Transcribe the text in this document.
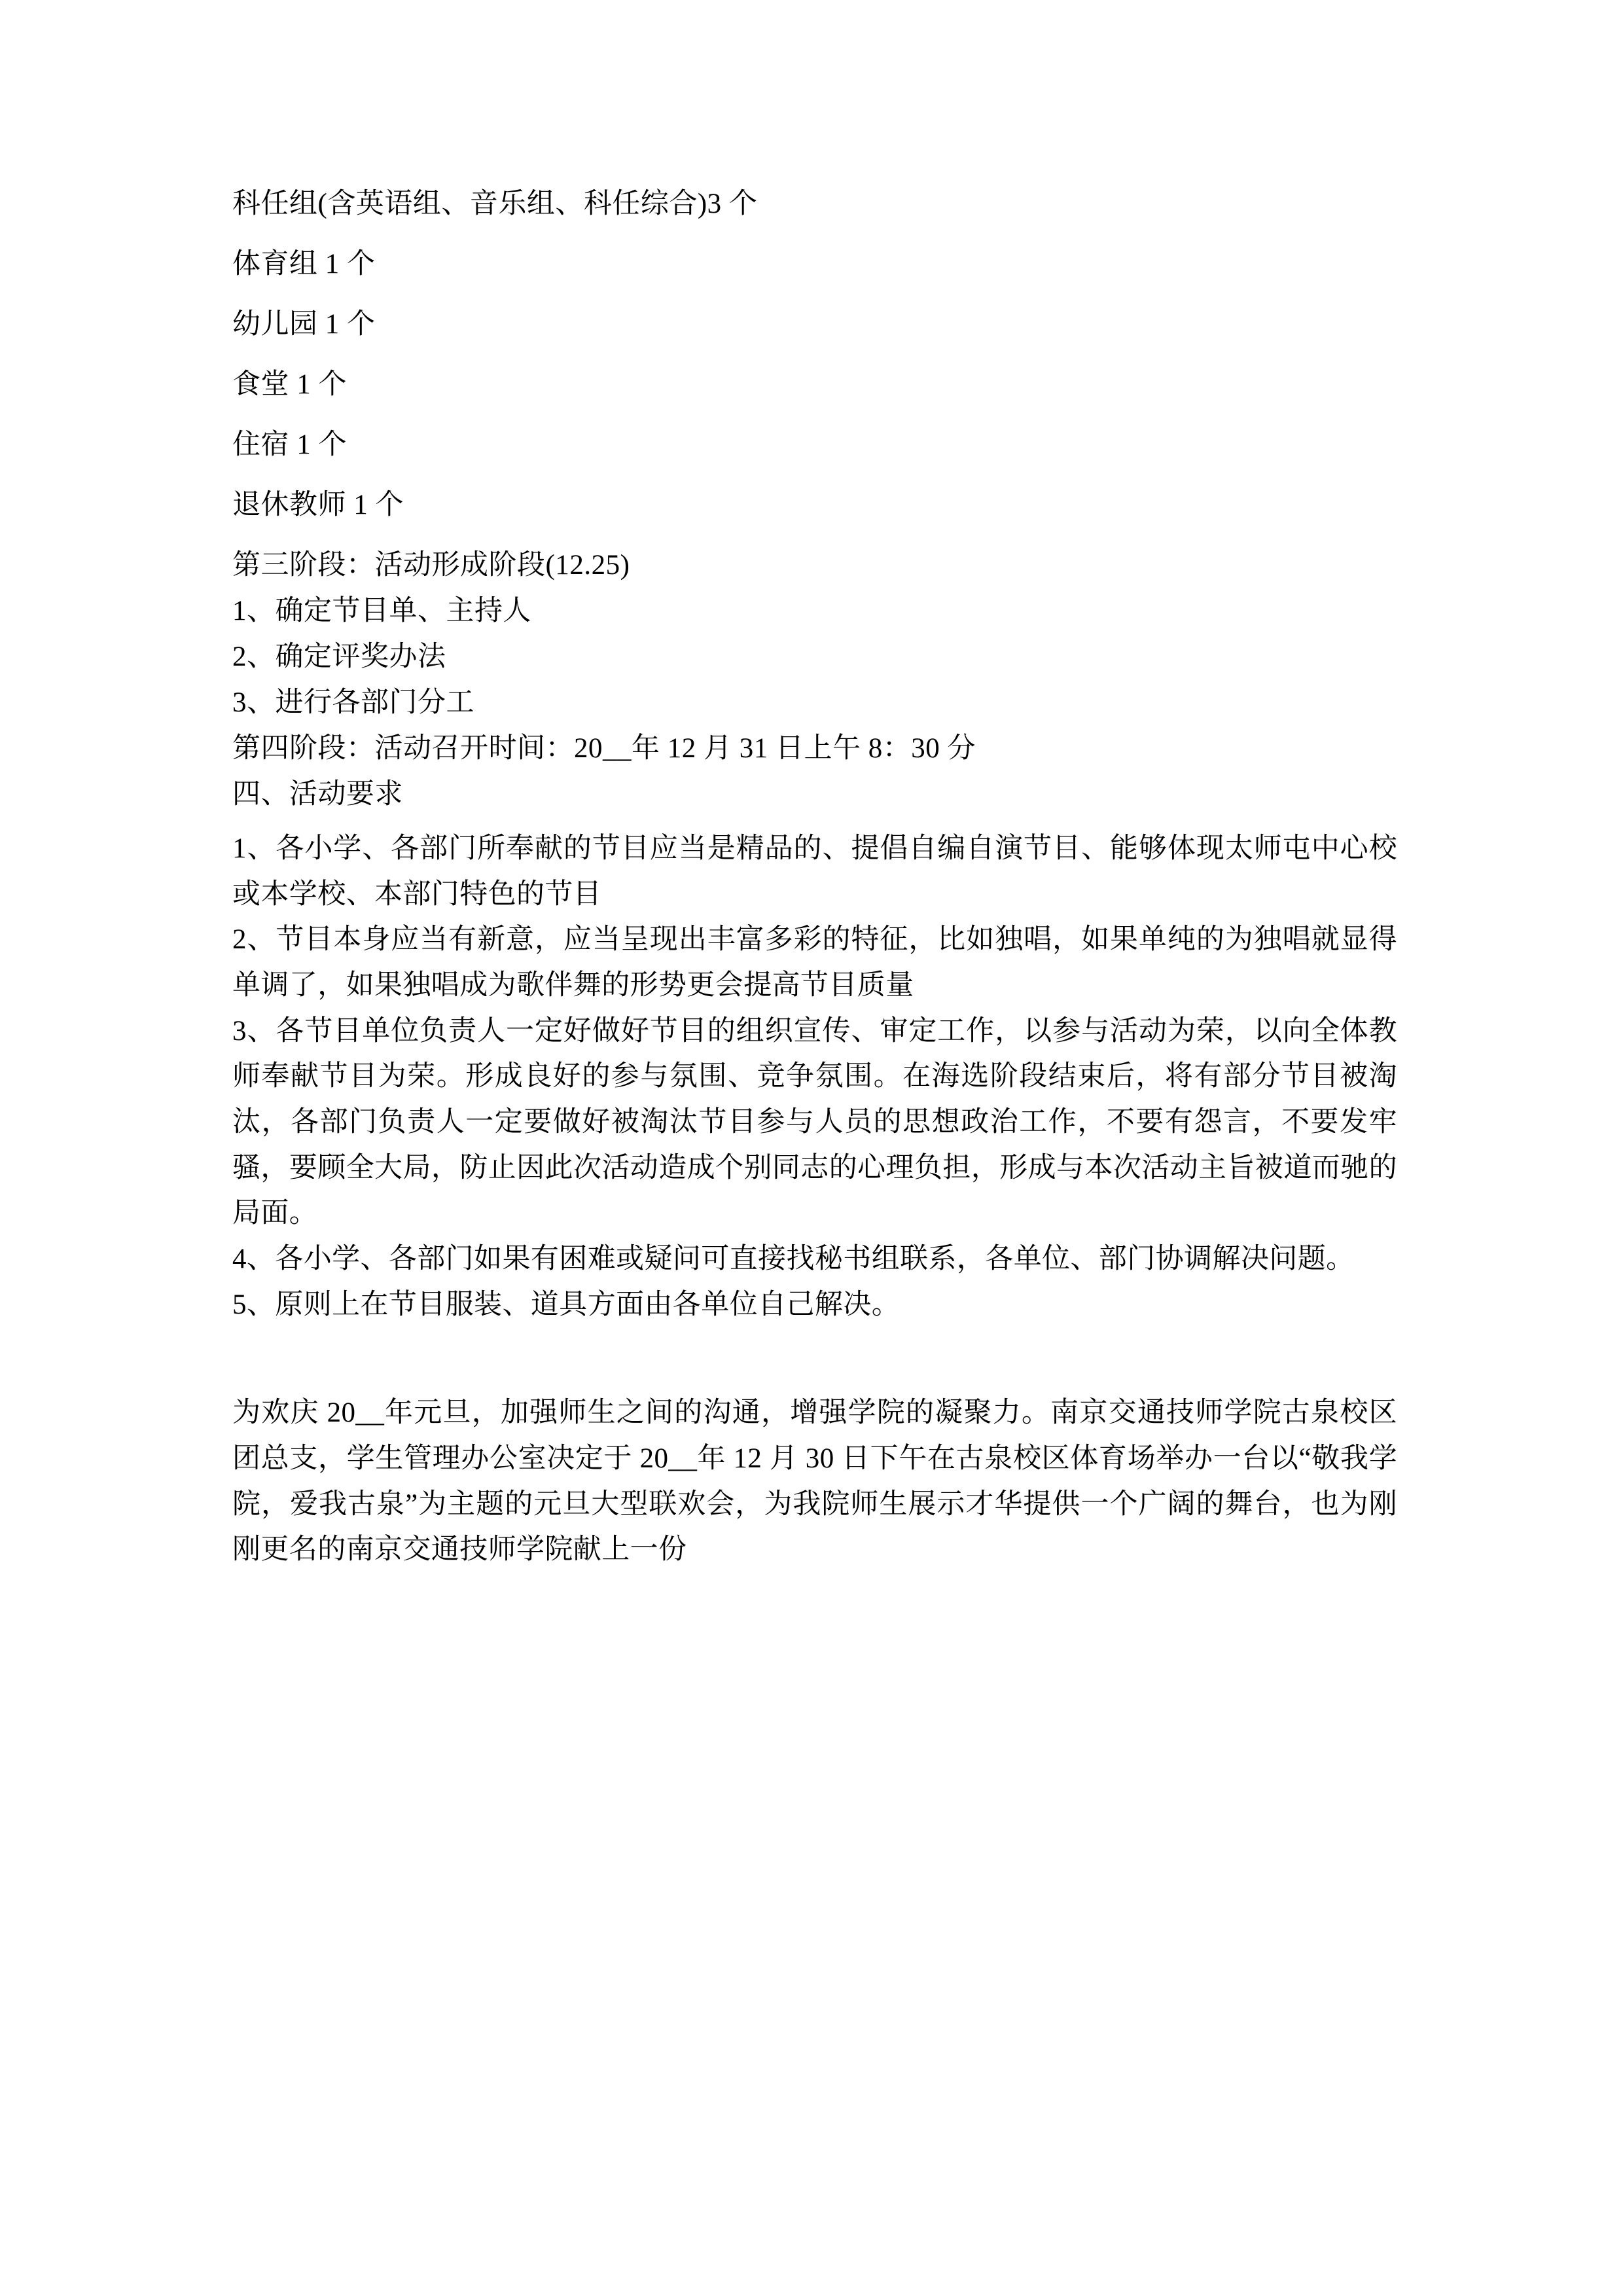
科任组(含英语组、音乐组、科任综合)3 个
体育组 1 个
幼儿园 1 个
食堂 1 个
住宿 1 个
退休教师 1 个
第三阶段：活动形成阶段(12.25)
1、确定节目单、主持人
2、确定评奖办法
3、进行各部门分工
第四阶段：活动召开时间：20__年 12 月 31 日上午 8：30 分
四、活动要求
1、各小学、各部门所奉献的节目应当是精品的、提倡自编自演节目、能够体现太师屯中心校或本学校、本部门特色的节目
2、节目本身应当有新意，应当呈现出丰富多彩的特征，比如独唱，如果单纯的为独唱就显得单调了，如果独唱成为歌伴舞的形势更会提高节目质量
3、各节目单位负责人一定好做好节目的组织宣传、审定工作，以参与活动为荣，以向全体教师奉献节目为荣。形成良好的参与氛围、竞争氛围。在海选阶段结束后，将有部分节目被淘汰，各部门负责人一定要做好被淘汰节目参与人员的思想政治工作，不要有怨言，不要发牢骚，要顾全大局，防止因此次活动造成个别同志的心理负担，形成与本次活动主旨被道而驰的局面。
4、各小学、各部门如果有困难或疑问可直接找秘书组联系，各单位、部门协调解决问题。
5、原则上在节目服装、道具方面由各单位自己解决。
为欢庆 20__年元旦，加强师生之间的沟通，增强学院的凝聚力。南京交通技师学院古泉校区团总支，学生管理办公室决定于 20__年 12 月 30 日下午在古泉校区体育场举办一台以“敬我学院，爱我古泉”为主题的元旦大型联欢会，为我院师生展示才华提供一个广阔的舞台，也为刚刚更名的南京交通技师学院献上一份
